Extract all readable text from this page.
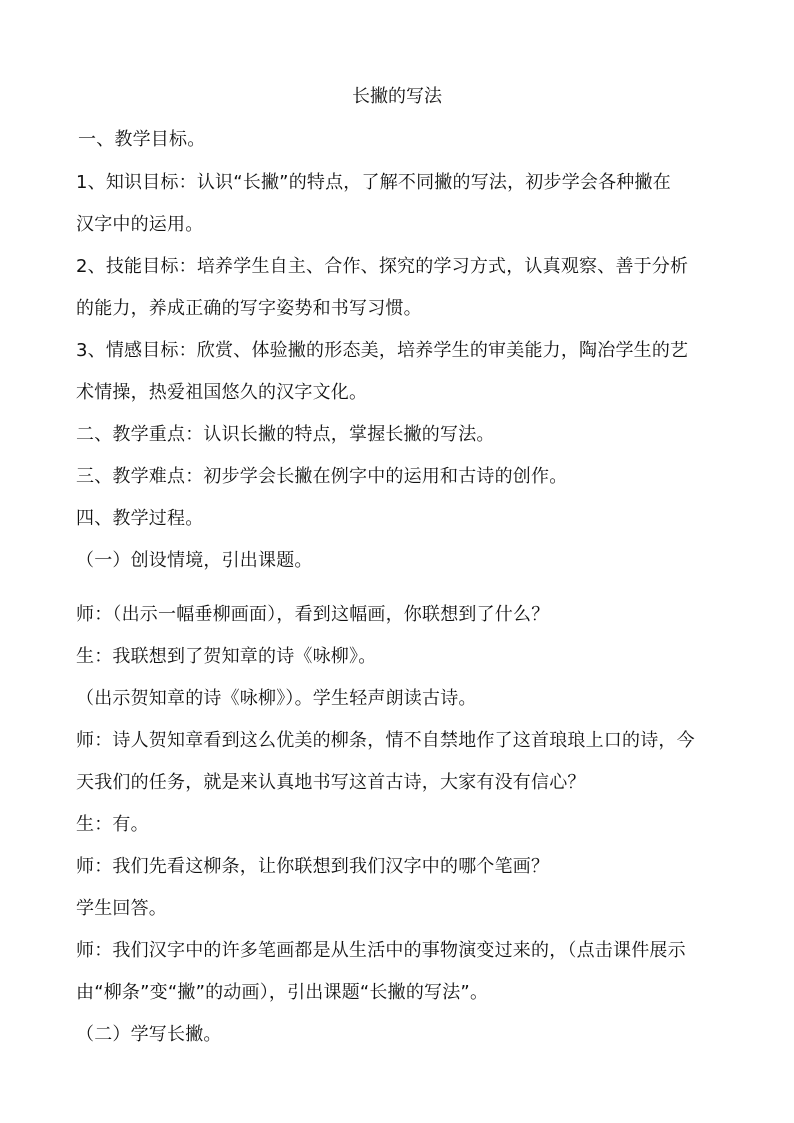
长撇的写法
一、教学目标。
1、知识目标：认识“长撇”的特点，了解不同撇的写法，初步学会各种撇在
汉字中的运用。
2、技能目标：培养学生自主、合作、探究的学习方式，认真观察、善于分析
的能力，养成正确的写字姿势和书写习惯。
3、情感目标：欣赏、体验撇的形态美，培养学生的审美能力，陶冶学生的艺
术情操，热爱祖国悠久的汉字文化。
二、教学重点：认识长撇的特点，掌握长撇的写法。
三、教学难点：初步学会长撇在例字中的运用和古诗的创作。
四、教学过程。
（一）创设情境，引出课题。
师：（出示一幅垂柳画面），看到这幅画，你联想到了什么？
生：我联想到了贺知章的诗《咏柳》。
（出示贺知章的诗《咏柳》）。学生轻声朗读古诗。
师：诗人贺知章看到这么优美的柳条，情不自禁地作了这首琅琅上口的诗，今
天我们的任务，就是来认真地书写这首古诗，大家有没有信心？
生：有。
师：我们先看这柳条，让你联想到我们汉字中的哪个笔画？
学生回答。
师：我们汉字中的许多笔画都是从生活中的事物演变过来的，（点击课件展示
由“柳条”变“撇”的动画），引出课题“长撇的写法”。
（二）学写长撇。
